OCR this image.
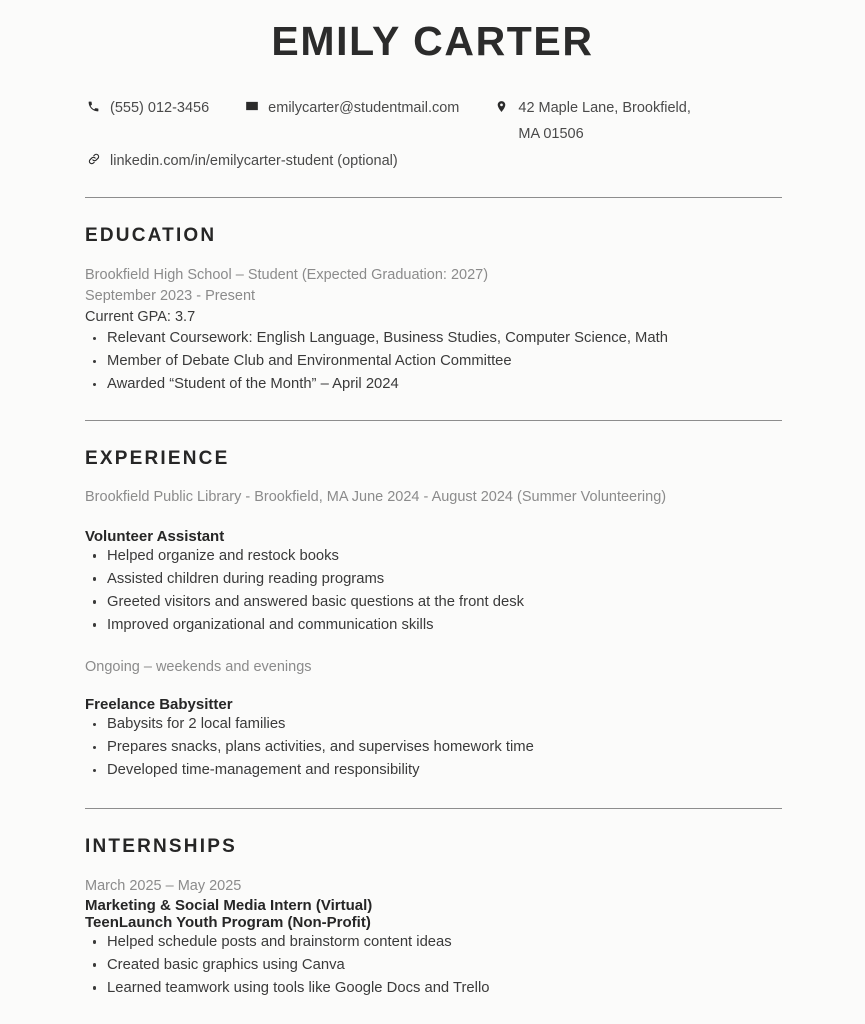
EMILY CARTER
(555) 012-3456	emilycarter@studentmail.com	42 Maple Lane, Brookfield, MA 01506
linkedin.com/in/emilycarter-student (optional)
EDUCATION
Brookfield High School – Student (Expected Graduation: 2027)
September 2023 - Present
Current GPA: 3.7
Relevant Coursework: English Language, Business Studies, Computer Science, Math
Member of Debate Club and Environmental Action Committee
Awarded “Student of the Month” – April 2024
EXPERIENCE
Brookfield Public Library - Brookfield, MA June 2024 - August 2024 (Summer Volunteering)
Volunteer Assistant
Helped organize and restock books
Assisted children during reading programs
Greeted visitors and answered basic questions at the front desk
Improved organizational and communication skills
Ongoing – weekends and evenings
Freelance Babysitter
Babysits for 2 local families
Prepares snacks, plans activities, and supervises homework time
Developed time-management and responsibility
INTERNSHIPS
March 2025 – May 2025
Marketing & Social Media Intern (Virtual)
TeenLaunch Youth Program (Non-Profit)
Helped schedule posts and brainstorm content ideas
Created basic graphics using Canva
Learned teamwork using tools like Google Docs and Trello
